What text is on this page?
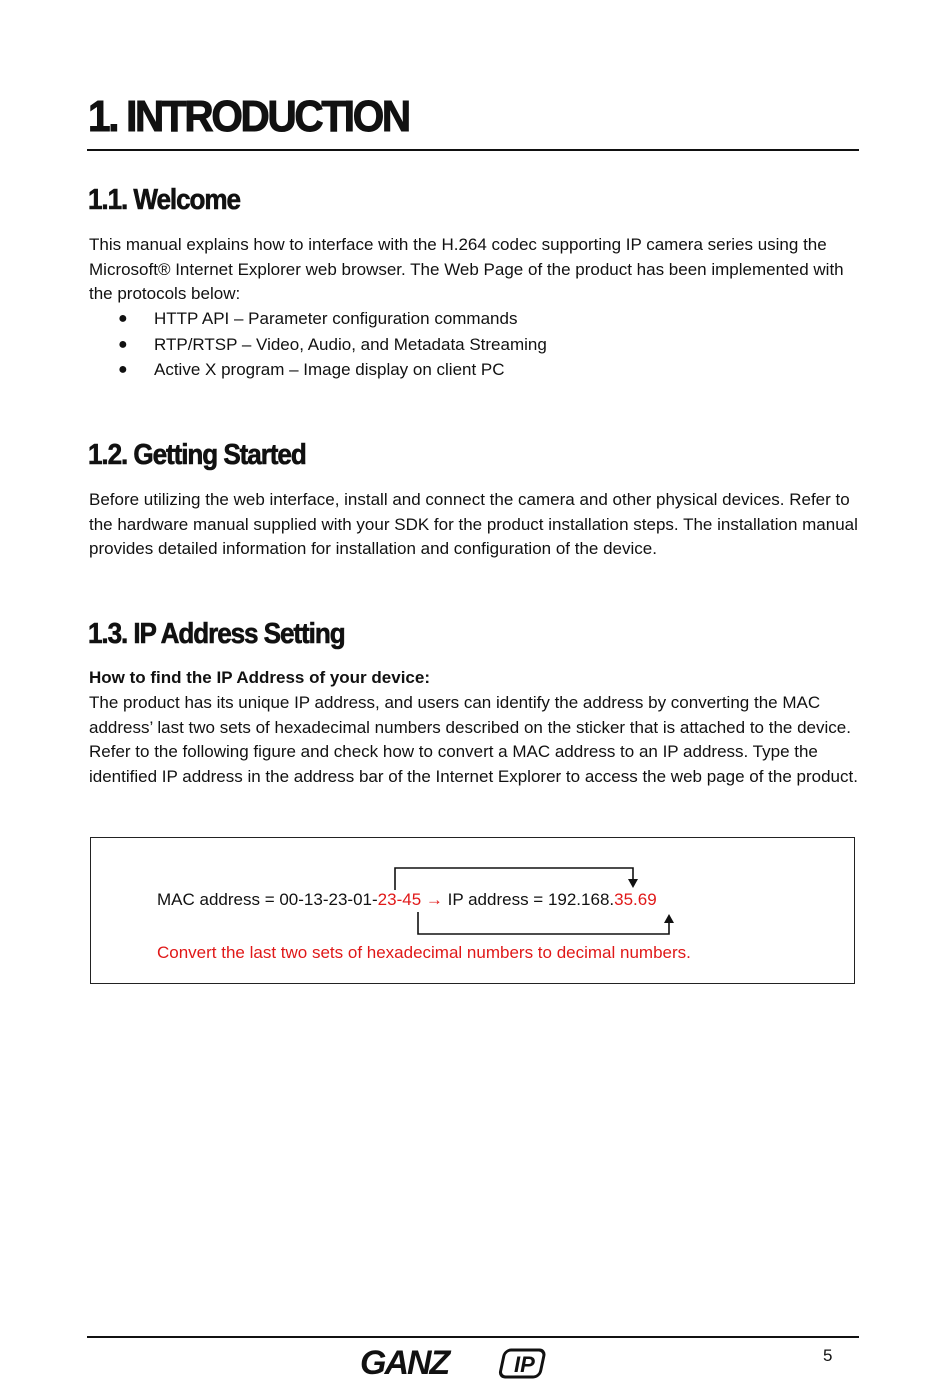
1. INTRODUCTION
1.1. Welcome

This manual explains how to interface with the H.264 codec supporting IP camera series using the Microsoft® Internet Explorer web browser. The Web Page of the product has been implemented with the protocols below:

● HTTP API – Parameter configuration commands
● RTP/RTSP – Video, Audio, and Metadata Streaming
● Active X program – Image display on client PC
1.2. Getting Started

Before utilizing the web interface, install and connect the camera and other physical devices. Refer to the hardware manual supplied with your SDK for the product installation steps. The installation manual provides detailed information for installation and configuration of the device.

1.3. IP Address Setting

How to find the IP Address of your device:

The product has its unique IP address, and users can identify the address by converting the MAC address’ last two sets of hexadecimal numbers described on the sticker that is attached to the device. Refer to the following figure and check how to convert a MAC address to an IP address. Type the identified IP address in the address bar of the Internet Explorer to access the web page of the product.

MAC address = 00-13-23-01-23-45 → IP address = 192.168.35.69
Convert the last two sets of hexadecimal numbers to decimal numbers.
GANZ	IP	5
